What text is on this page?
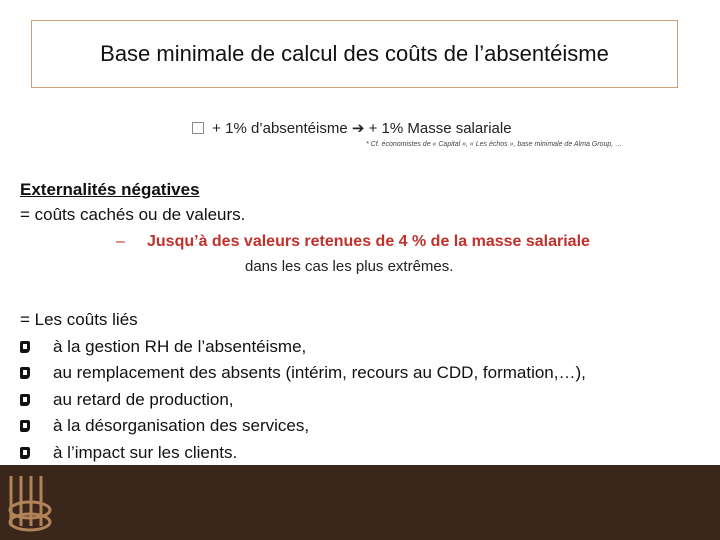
Base minimale de calcul des coûts de l’absentéisme
+ 1% d’absentéisme ➔ + 1% Masse salariale
* Cf. économistes de « Capital », « Les échos », base minimale de Alma Group, …
Externalités négatives
= coûts cachés ou de valeurs.
– Jusqu’à des valeurs retenues de 4 % de la masse salariale
dans les cas les plus extrêmes.
= Les coûts liés
à la gestion RH de l’absentéisme,
au remplacement des absents (intérim, recours au CDD, formation,…),
au retard de production,
à la désorganisation des services,
à l’impact sur les clients.
